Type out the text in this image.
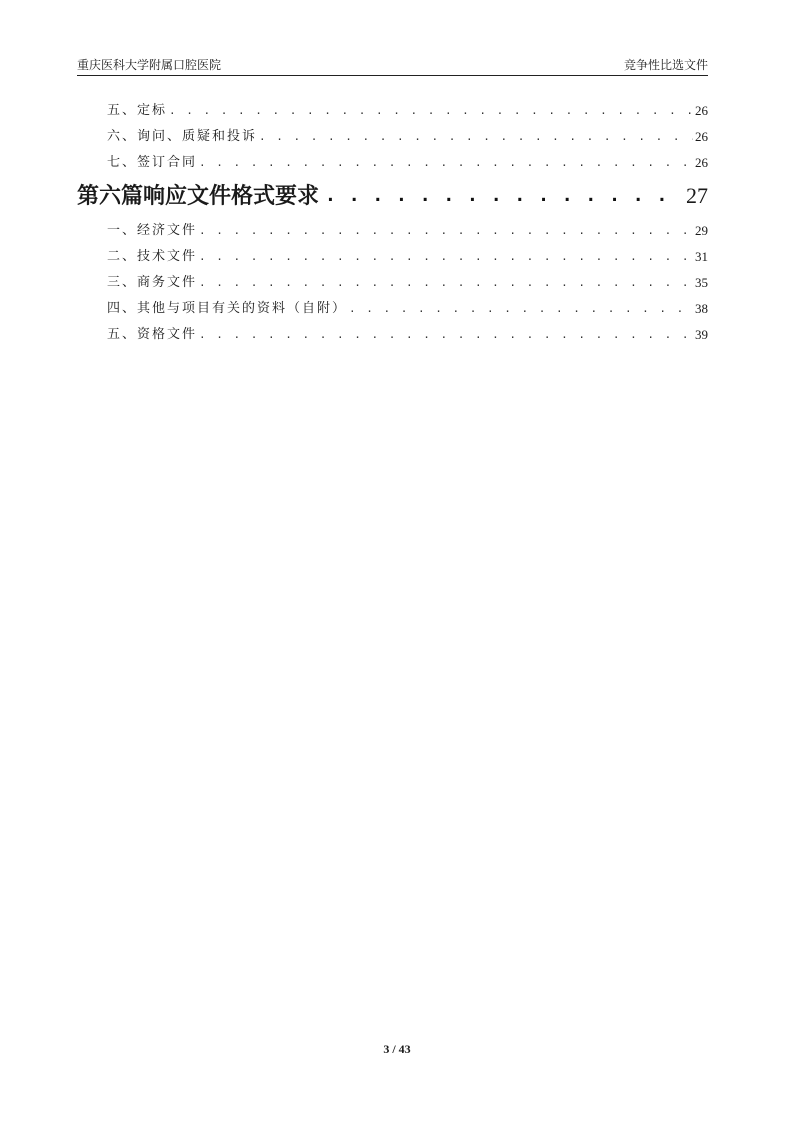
重庆医科大学附属口腔医院	竞争性比选文件
五、定标 . . .	26
六、询问、质疑和投诉 . . .	26
七、签订合同 . . .	26
第六篇响应文件格式要求 . . .	27
一、经济文件 . . .	29
二、技术文件 . . .	31
三、商务文件 . . .	35
四、其他与项目有关的资料（自附） . . .	38
五、资格文件 . . .	39
3 / 43
